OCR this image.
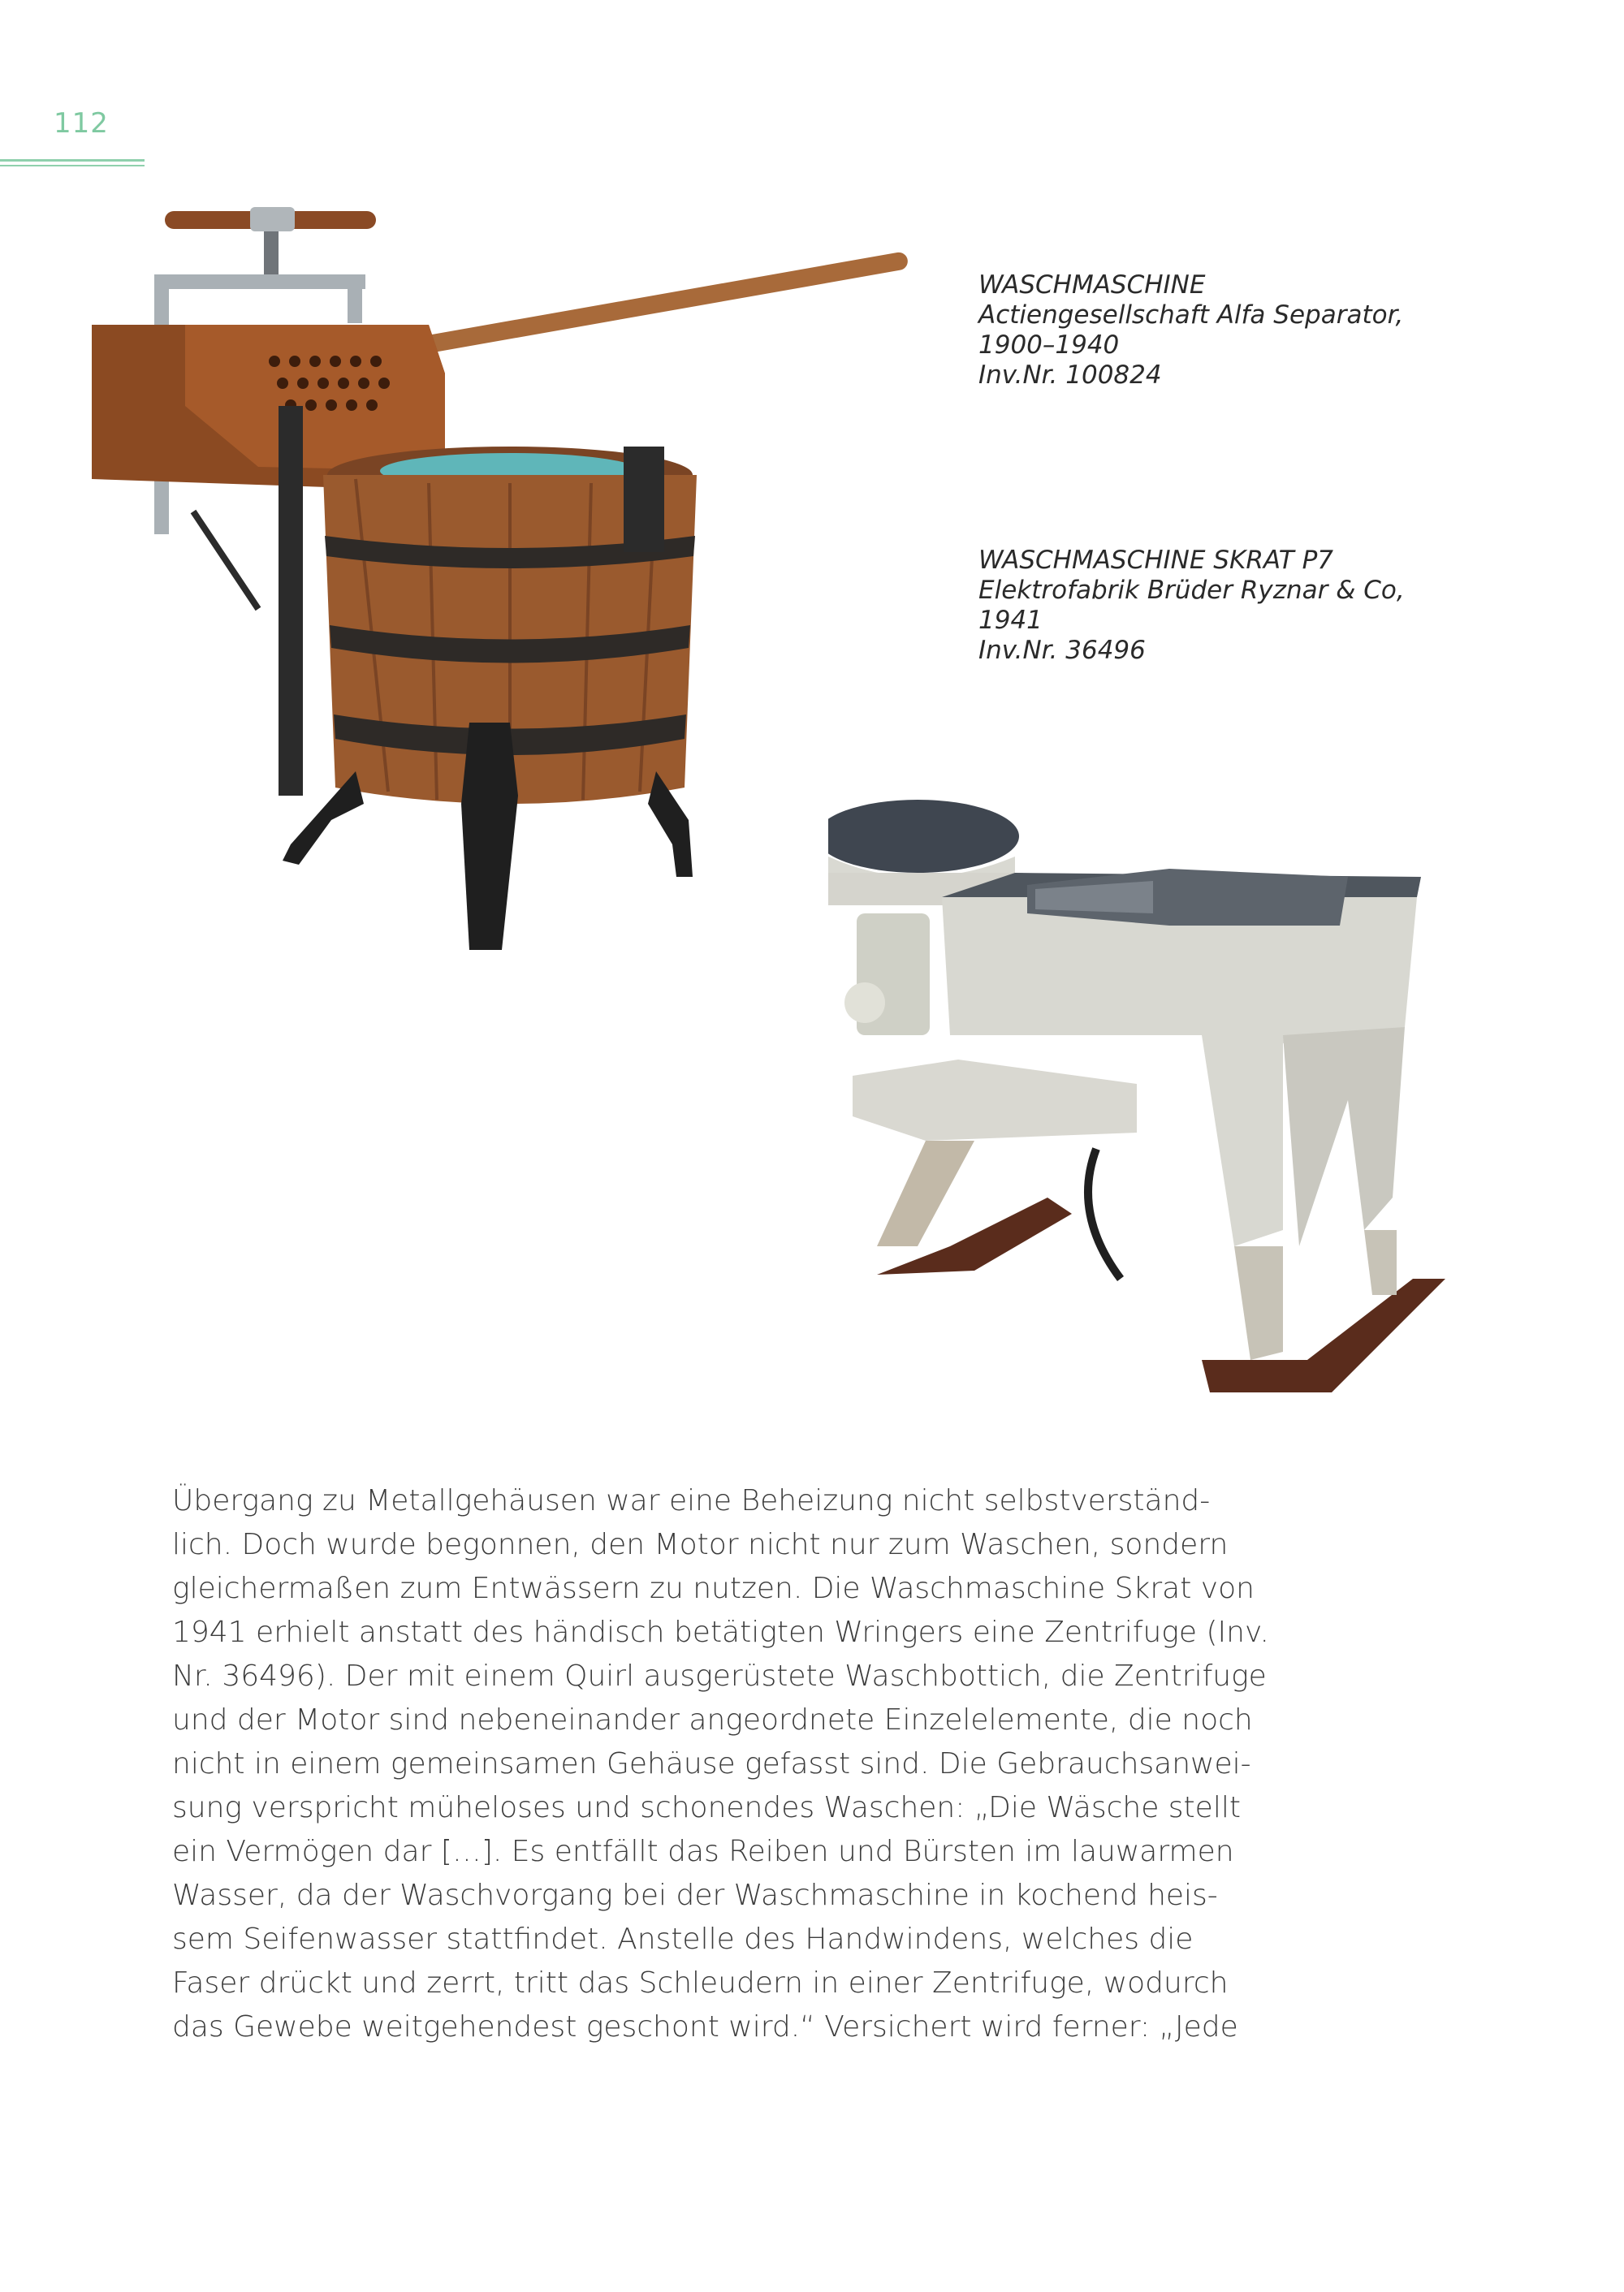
112
WASCHMASCHINE
Actiengesellschaft Alfa Separator,
1900–1940
Inv.Nr. 100824
WASCHMASCHINE SKRAT P7
Elektrofabrik Brüder Ryznar & Co,
1941
Inv.Nr. 36496
Übergang zu Metallgehäusen war eine Beheizung nicht selbstverständ-
lich. Doch wurde begonnen, den Motor nicht nur zum Waschen, sondern
gleichermaßen zum Entwässern zu nutzen. Die Waschmaschine Skrat von
1941 erhielt anstatt des händisch betätigten Wringers eine Zentrifuge (Inv.
Nr. 36496). Der mit einem Quirl ausgerüstete Waschbottich, die Zentrifuge
und der Motor sind nebeneinander angeordnete Einzelelemente, die noch
nicht in einem gemeinsamen Gehäuse gefasst sind. Die Gebrauchsanwei-
sung verspricht müheloses und schonendes Waschen: „Die Wäsche stellt
ein Vermögen dar […]. Es entfällt das Reiben und Bürsten im lauwarmen
Wasser, da der Waschvorgang bei der Waschmaschine in kochend heis-
sem Seifenwasser stattfindet. Anstelle des Handwindens, welches die
Faser drückt und zerrt, tritt das Schleudern in einer Zentrifuge, wodurch
das Gewebe weitgehendest geschont wird.“ Versichert wird ferner: „Jede
